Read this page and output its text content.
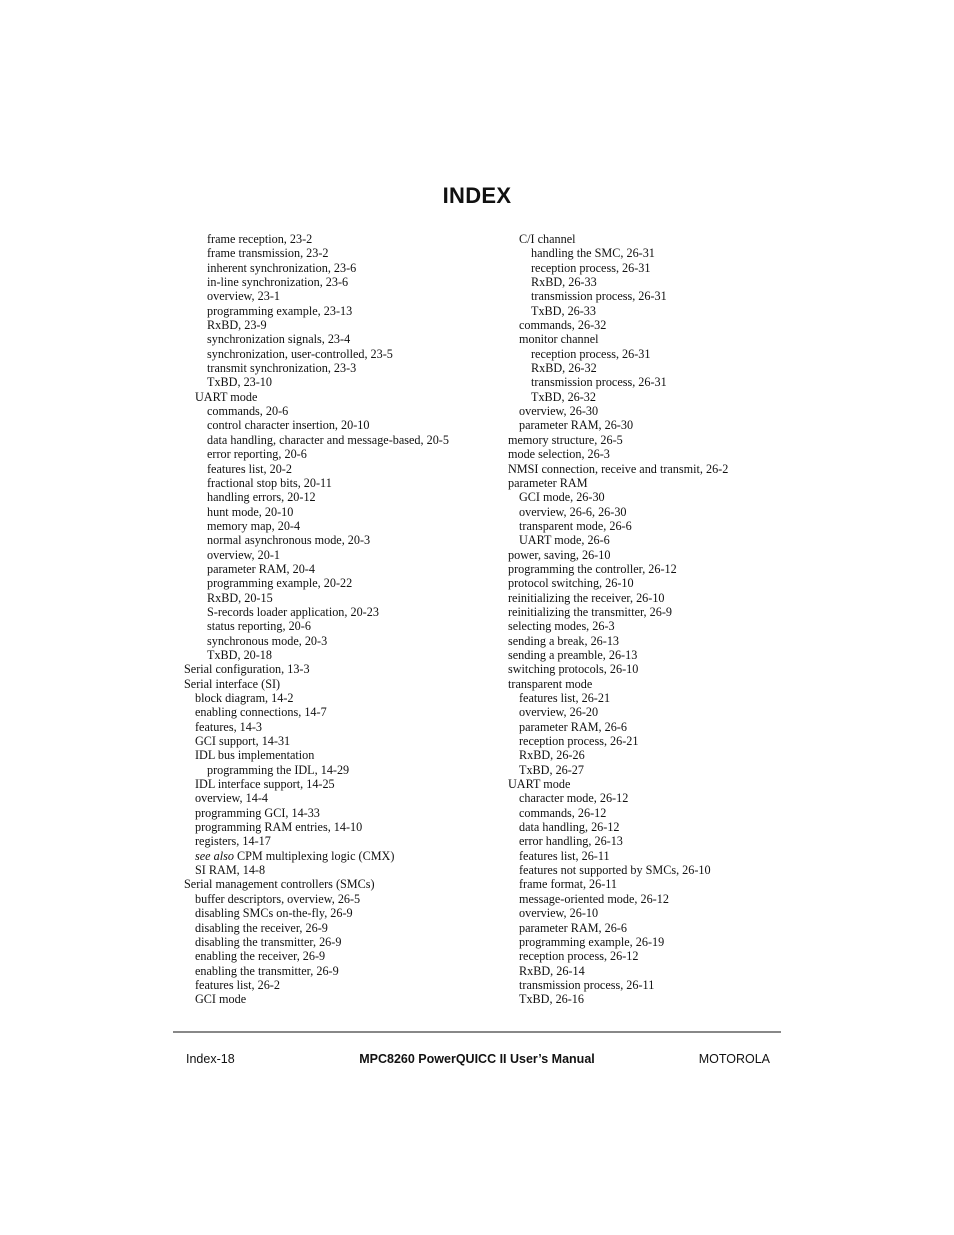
INDEX
frame reception, 23-2
frame transmission, 23-2
inherent synchronization, 23-6
in-line synchronization, 23-6
overview, 23-1
programming example, 23-13
RxBD, 23-9
synchronization signals, 23-4
synchronization, user-controlled, 23-5
transmit synchronization, 23-3
TxBD, 23-10
UART mode
commands, 20-6
control character insertion, 20-10
data handling, character and message-based, 20-5
error reporting, 20-6
features list, 20-2
fractional stop bits, 20-11
handling errors, 20-12
hunt mode, 20-10
memory map, 20-4
normal asynchronous mode, 20-3
overview, 20-1
parameter RAM, 20-4
programming example, 20-22
RxBD, 20-15
S-records loader application, 20-23
status reporting, 20-6
synchronous mode, 20-3
TxBD, 20-18
Serial configuration, 13-3
Serial interface (SI)
block diagram, 14-2
enabling connections, 14-7
features, 14-3
GCI support, 14-31
IDL bus implementation
programming the IDL, 14-29
IDL interface support, 14-25
overview, 14-4
programming GCI, 14-33
programming RAM entries, 14-10
registers, 14-17
see also CPM multiplexing logic (CMX)
SI RAM, 14-8
Serial management controllers (SMCs)
buffer descriptors, overview, 26-5
disabling SMCs on-the-fly, 26-9
disabling the receiver, 26-9
disabling the transmitter, 26-9
enabling the receiver, 26-9
enabling the transmitter, 26-9
features list, 26-2
GCI mode
C/I channel
handling the SMC, 26-31
reception process, 26-31
RxBD, 26-33
transmission process, 26-31
TxBD, 26-33
commands, 26-32
monitor channel
reception process, 26-31
RxBD, 26-32
transmission process, 26-31
TxBD, 26-32
overview, 26-30
parameter RAM, 26-30
memory structure, 26-5
mode selection, 26-3
NMSI connection, receive and transmit, 26-2
parameter RAM
GCI mode, 26-30
overview, 26-6, 26-30
transparent mode, 26-6
UART mode, 26-6
power, saving, 26-10
programming the controller, 26-12
protocol switching, 26-10
reinitializing the receiver, 26-10
reinitializing the transmitter, 26-9
selecting modes, 26-3
sending a break, 26-13
sending a preamble, 26-13
switching protocols, 26-10
transparent mode
features list, 26-21
overview, 26-20
parameter RAM, 26-6
reception process, 26-21
RxBD, 26-26
TxBD, 26-27
UART mode
character mode, 26-12
commands, 26-12
data handling, 26-12
error handling, 26-13
features list, 26-11
features not supported by SMCs, 26-10
frame format, 26-11
message-oriented mode, 26-12
overview, 26-10
parameter RAM, 26-6
programming example, 26-19
reception process, 26-12
RxBD, 26-14
transmission process, 26-11
TxBD, 26-16
Index-18	MPC8260 PowerQUICC II User’s Manual	MOTOROLA
